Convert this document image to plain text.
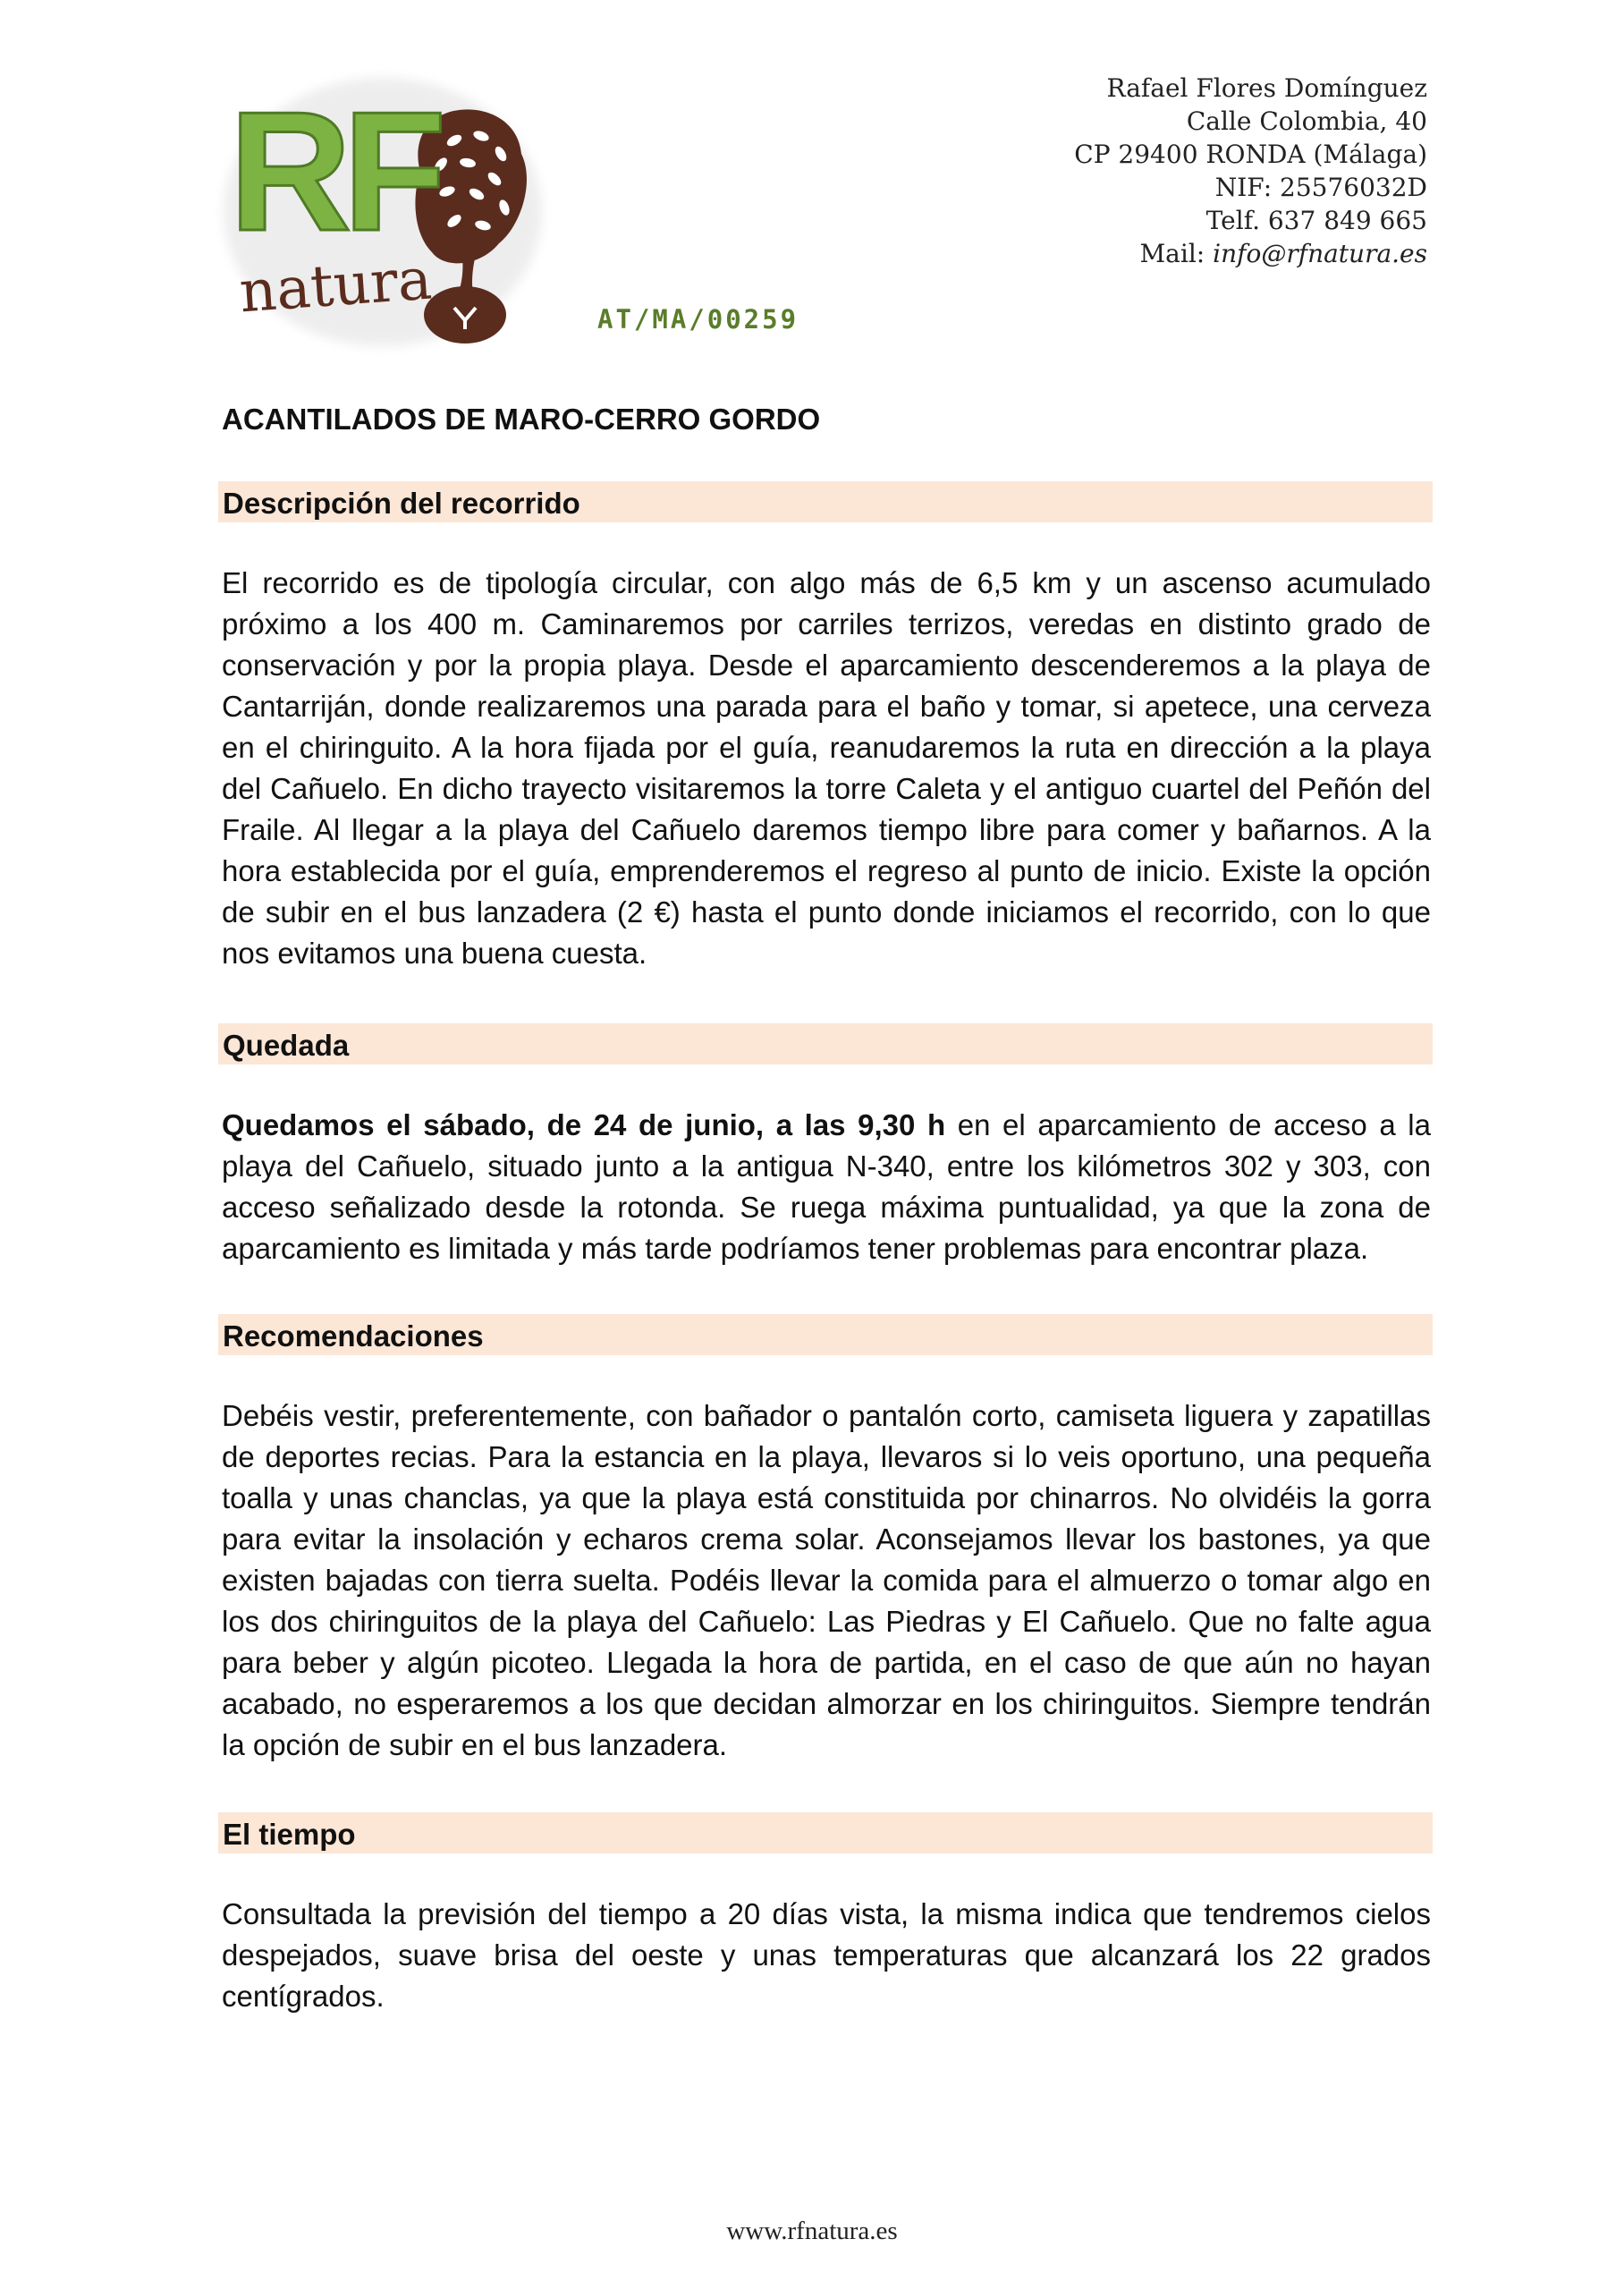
RF
natura	AT/MA/00259
Rafael Flores Domínguez
Calle Colombia, 40
CP 29400 RONDA (Málaga)
NIF: 25576032D
Telf. 637 849 665
Mail: info@rfnatura.es
ACANTILADOS DE MARO-CERRO GORDO
Descripción del recorrido

El recorrido es de tipología circular, con algo más de 6,5 km y un ascenso acumulado próximo a los 400 m. Caminaremos por carriles terrizos, veredas en distinto grado de conservación y por la propia playa. Desde el aparcamiento descenderemos a la playa de Cantarriján, donde realizaremos una parada para el baño y tomar, si apetece, una cerveza en el chiringuito. A la hora fijada por el guía, reanudaremos la ruta en dirección a la playa del Cañuelo. En dicho trayecto visitaremos la torre Caleta y el antiguo cuartel del Peñón del Fraile. Al llegar a la playa del Cañuelo daremos tiempo libre para comer y bañarnos. A la hora establecida por el guía, emprenderemos el regreso al punto de inicio. Existe la opción de subir en el bus lanzadera (2 €) hasta el punto donde iniciamos el recorrido, con lo que nos evitamos una buena cuesta.

Quedada

Quedamos el sábado, de 24 de junio, a las 9,30 h en el aparcamiento de acceso a la playa del Cañuelo, situado junto a la antigua N-340, entre los kilómetros 302 y 303, con acceso señalizado desde la rotonda. Se ruega máxima puntualidad, ya que la zona de aparcamiento es limitada y más tarde podríamos tener problemas para encontrar plaza.

Recomendaciones

Debéis vestir, preferentemente, con bañador o pantalón corto, camiseta liguera y zapatillas de deportes recias. Para la estancia en la playa, llevaros si lo veis oportuno, una pequeña toalla y unas chanclas, ya que la playa está constituida por chinarros. No olvidéis la gorra para evitar la insolación y echaros crema solar. Aconsejamos llevar los bastones, ya que existen bajadas con tierra suelta. Podéis llevar la comida para el almuerzo o tomar algo en los dos chiringuitos de la playa del Cañuelo: Las Piedras y El Cañuelo. Que no falte agua para beber y algún picoteo. Llegada la hora de partida, en el caso de que aún no hayan acabado, no esperaremos a los que decidan almorzar en los chiringuitos. Siempre tendrán la opción de subir en el bus lanzadera.

El tiempo

Consultada la previsión del tiempo a 20 días vista, la misma indica que tendremos cielos despejados, suave brisa del oeste y unas temperaturas que alcanzará los 22 grados centígrados.

www.rfnatura.es
